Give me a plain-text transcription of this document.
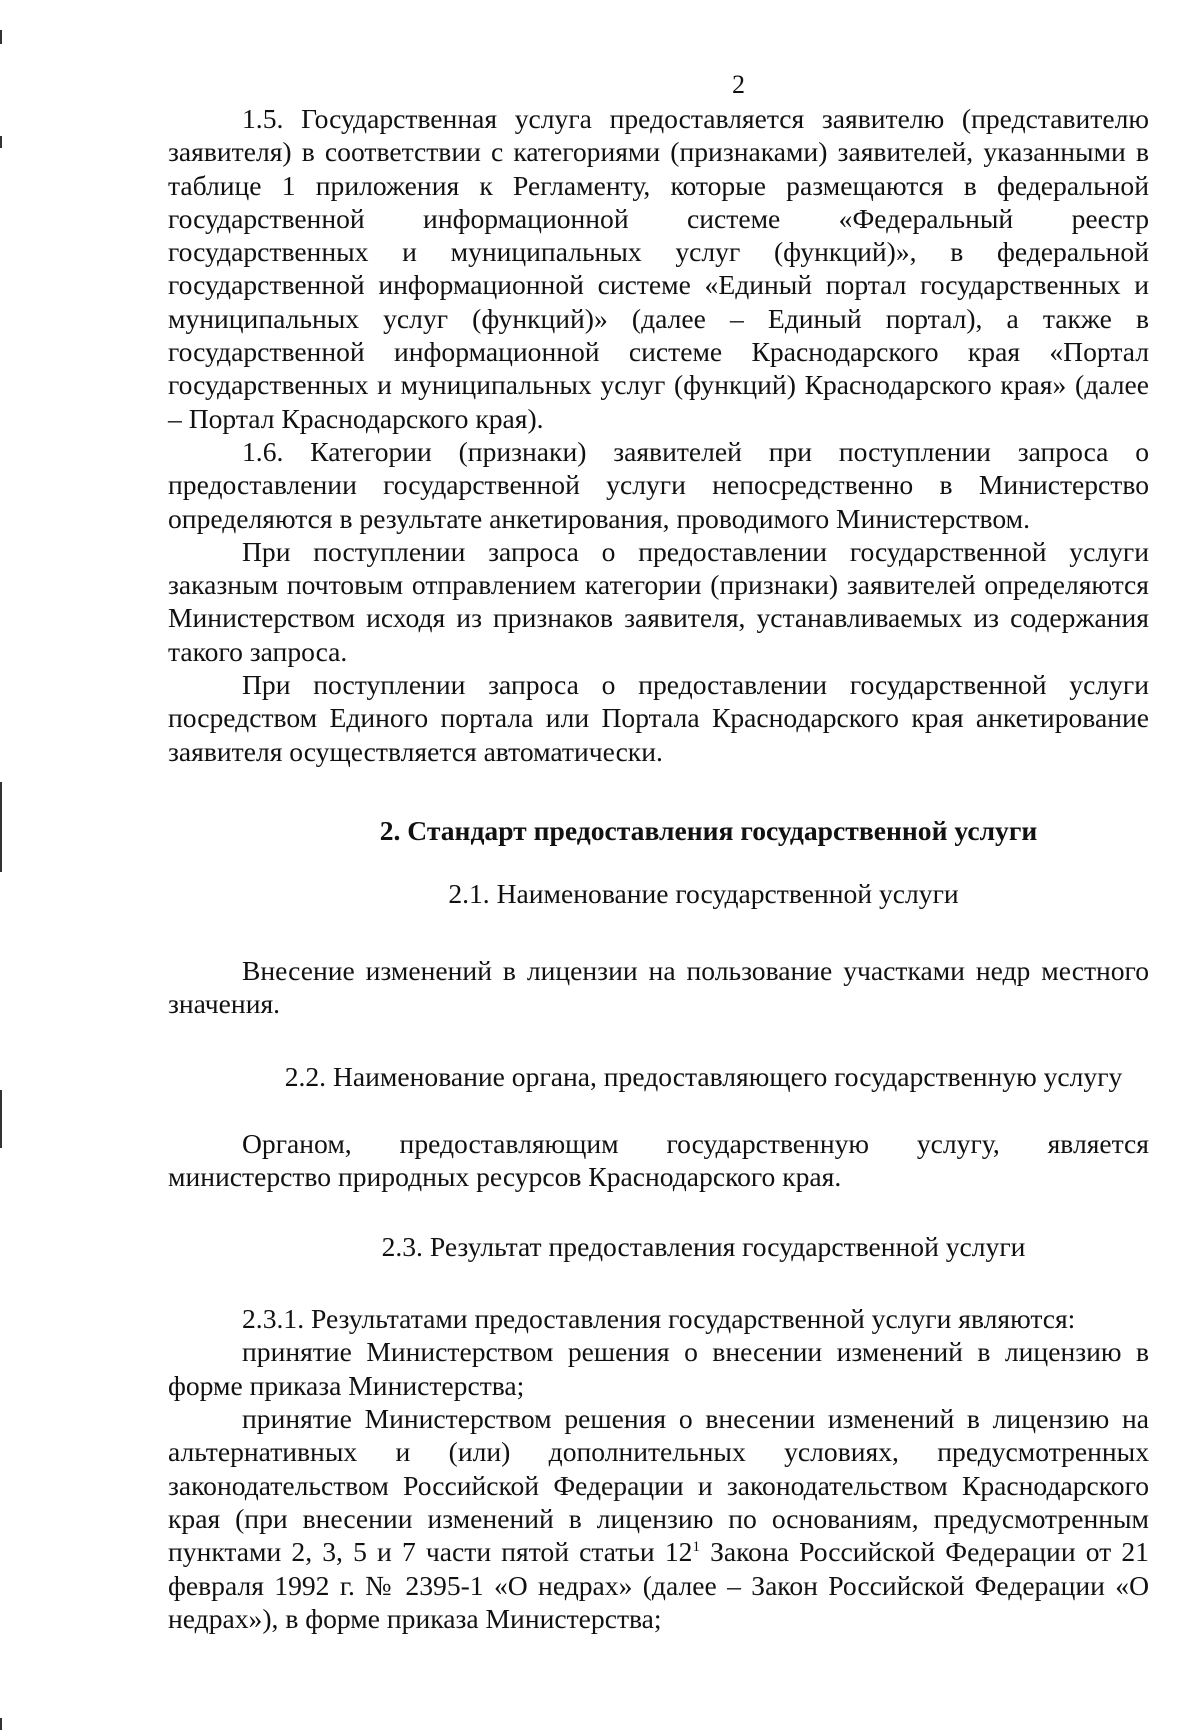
2

1.5. Государственная услуга предоставляется заявителю (представителю заявителя) в соответствии с категориями (признаками) заявителей, указанными в таблице 1 приложения к Регламенту, которые размещаются в федеральной государственной информационной системе «Федеральный реестр государственных и муниципальных услуг (функций)», в федеральной государственной информационной системе «Единый портал государственных и муниципальных услуг (функций)» (далее – Единый портал), а также в государственной информационной системе Краснодарского края «Портал государственных и муниципальных услуг (функций) Краснодарского края» (далее – Портал Краснодарского края).

1.6. Категории (признаки) заявителей при поступлении запроса о предоставлении государственной услуги непосредственно в Министерство определяются в результате анкетирования, проводимого Министерством.

При поступлении запроса о предоставлении государственной услуги заказным почтовым отправлением категории (признаки) заявителей определяются Министерством исходя из признаков заявителя, устанавливаемых из содержания такого запроса.

При поступлении запроса о предоставлении государственной услуги посредством Единого портала или Портала Краснодарского края анкетирование заявителя осуществляется автоматически.

2. Стандарт предоставления государственной услуги
2.1. Наименование государственной услуги

Внесение изменений в лицензии на пользование участками недр местного значения.

2.2. Наименование органа, предоставляющего государственную услугу

Органом, предоставляющим государственную услугу, является министерство природных ресурсов Краснодарского края.

2.3. Результат предоставления государственной услуги

2.3.1. Результатами предоставления государственной услуги являются:

принятие Министерством решения о внесении изменений в лицензию в форме приказа Министерства;

принятие Министерством решения о внесении изменений в лицензию на альтернативных и (или) дополнительных условиях, предусмотренных законодательством Российской Федерации и законодательством Краснодарского края (при внесении изменений в лицензию по основаниям, предусмотренным пунктами 2, 3, 5 и 7 части пятой статьи $12^1$ Закона Российской Федерации от 21 февраля 1992 г. № 2395-1 «О недрах» (далее – Закон Российской Федерации «О недрах»), в форме приказа Министерства;
